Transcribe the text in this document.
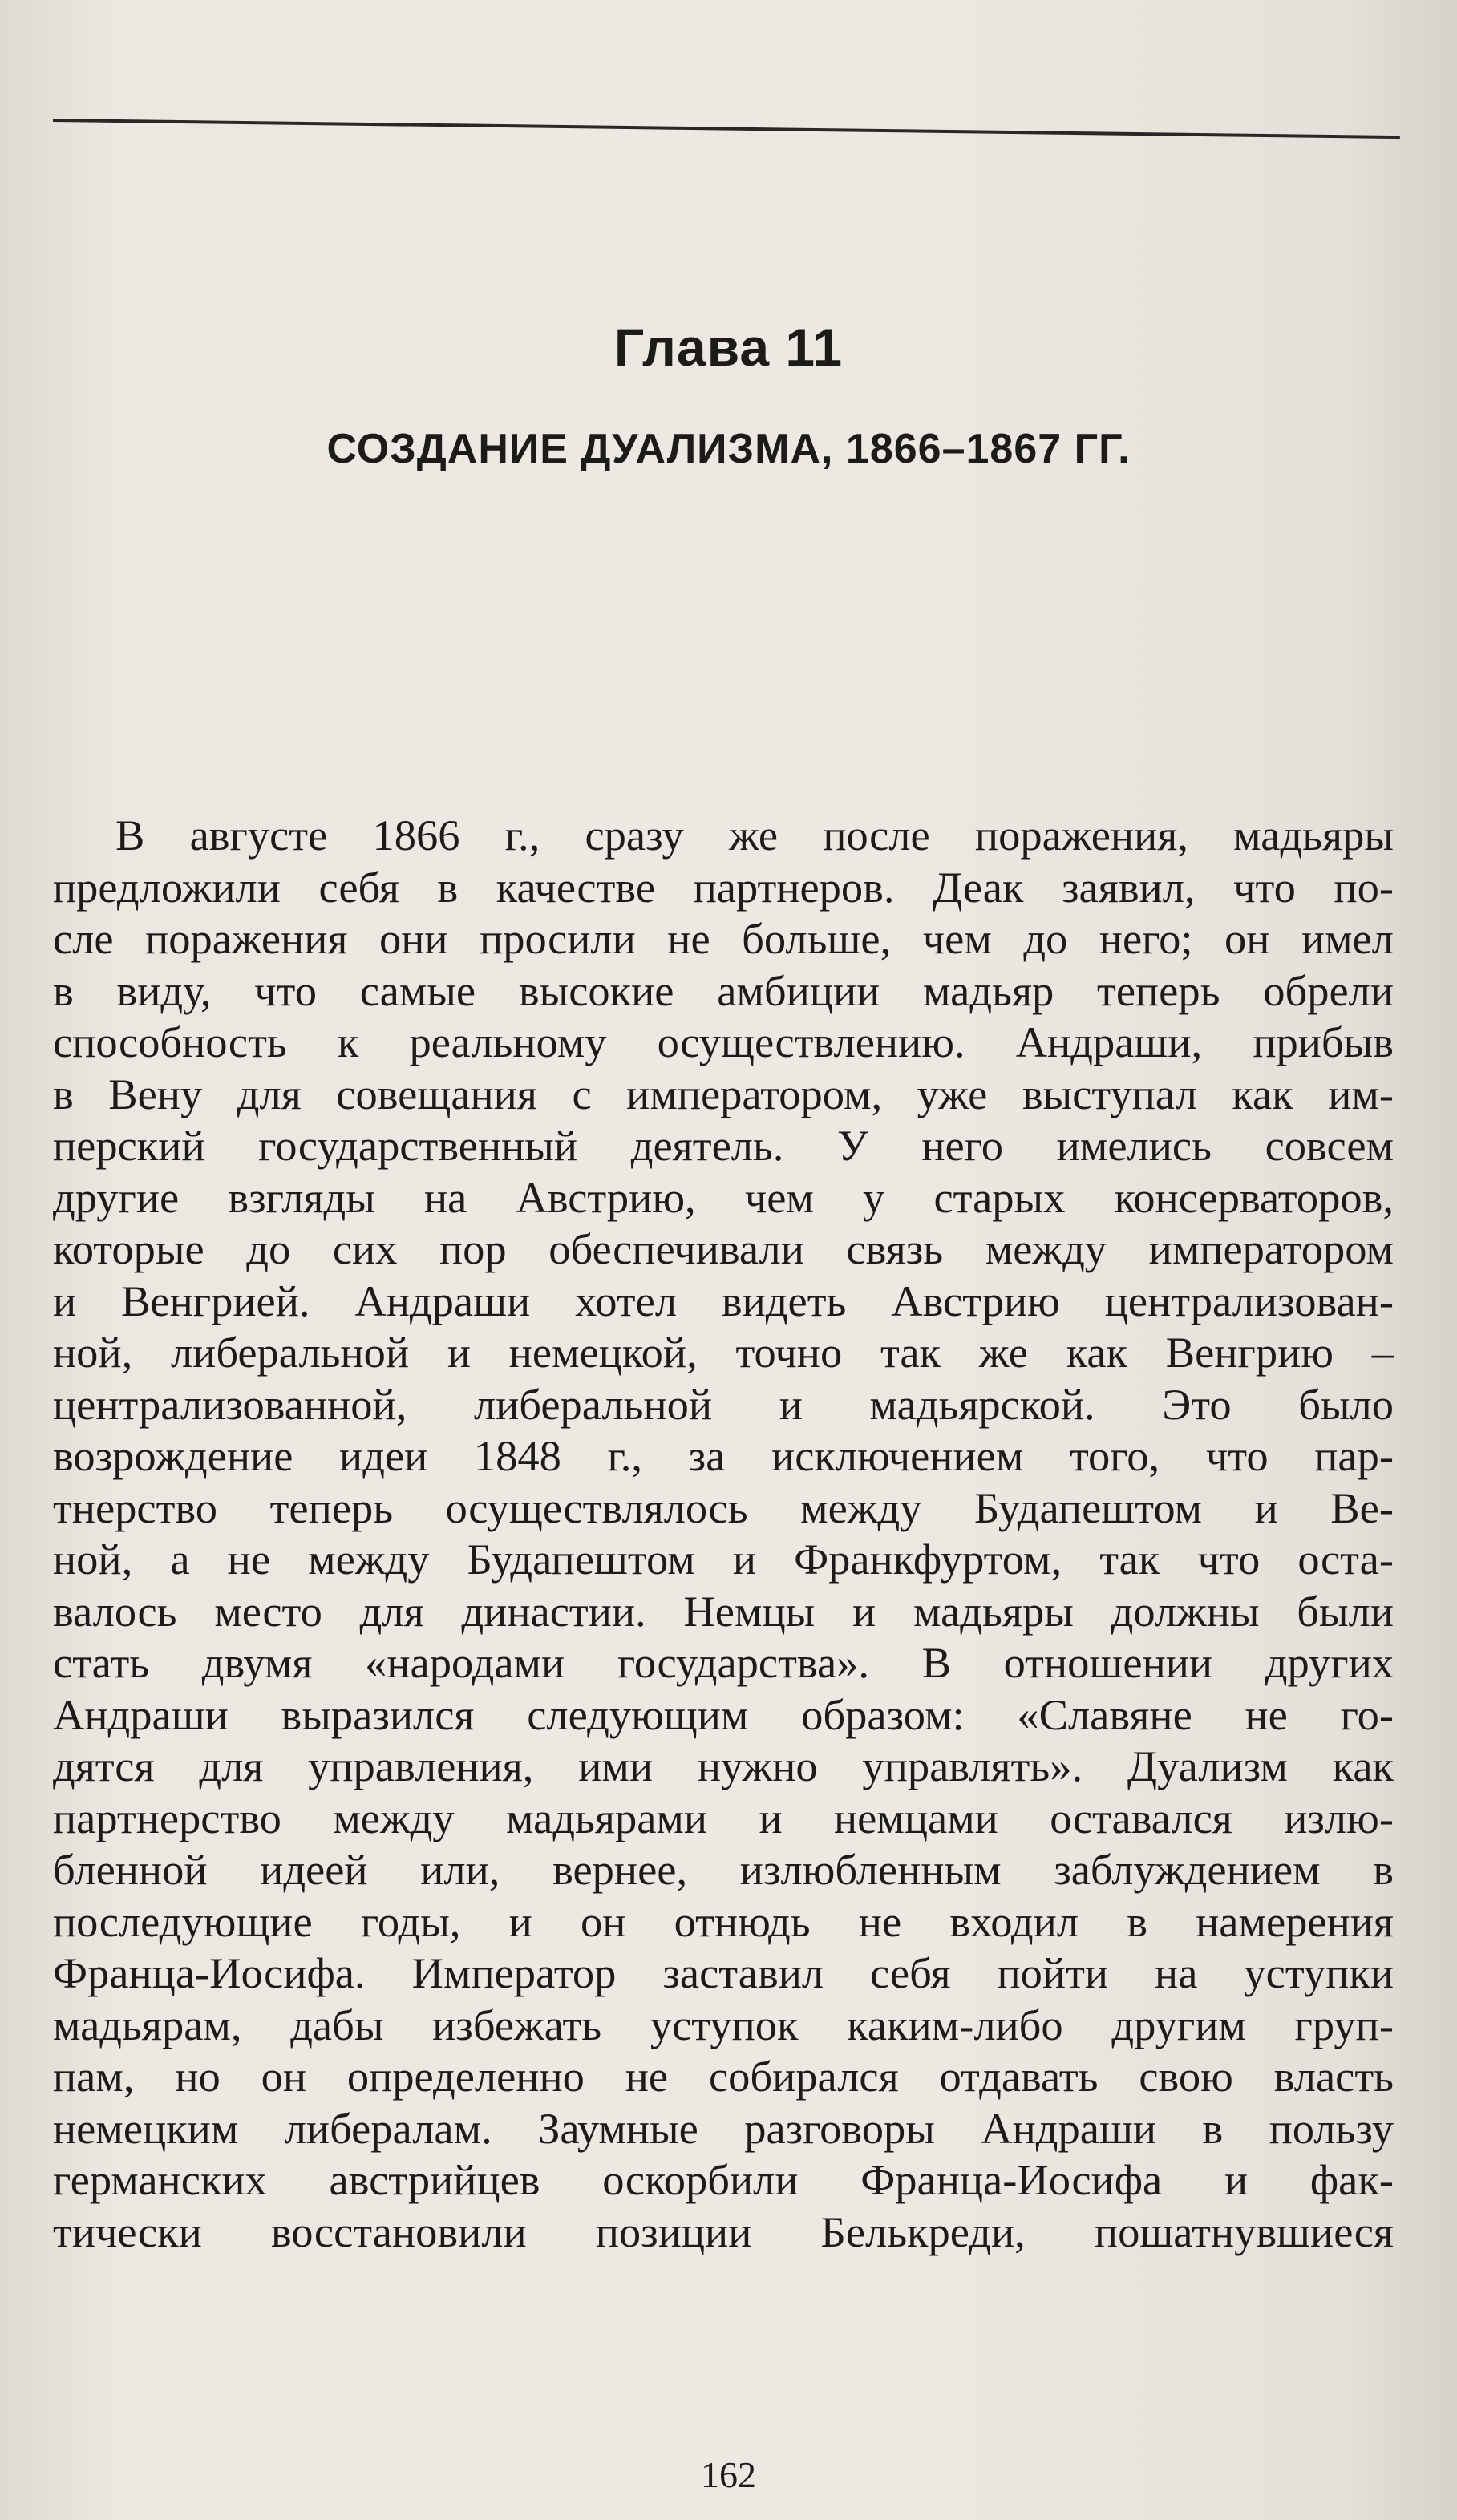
Глава 11
СОЗДАНИЕ ДУАЛИЗМА, 1866–1867 ГГ.
В августе 1866 г., сразу же после поражения, мадьяры
предложили себя в качестве партнеров. Деак заявил, что по-
сле поражения они просили не больше, чем до него; он имел
в виду, что самые высокие амбиции мадьяр теперь обрели
способность к реальному осуществлению. Андраши, прибыв
в Вену для совещания с императором, уже выступал как им-
перский государственный деятель. У него имелись совсем
другие взгляды на Австрию, чем у старых консерваторов,
которые до сих пор обеспечивали связь между императором
и Венгрией. Андраши хотел видеть Австрию централизован-
ной, либеральной и немецкой, точно так же как Венгрию –
централизованной, либеральной и мадьярской. Это было
возрождение идеи 1848 г., за исключением того, что пар-
тнерство теперь осуществлялось между Будапештом и Ве-
ной, а не между Будапештом и Франкфуртом, так что оста-
валось место для династии. Немцы и мадьяры должны были
стать двумя «народами государства». В отношении других
Андраши выразился следующим образом: «Славяне не го-
дятся для управления, ими нужно управлять». Дуализм как
партнерство между мадьярами и немцами оставался излю-
бленной идеей или, вернее, излюбленным заблуждением в
последующие годы, и он отнюдь не входил в намерения
Франца-Иосифа. Император заставил себя пойти на уступки
мадьярам, дабы избежать уступок каким-либо другим груп-
пам, но он определенно не собирался отдавать свою власть
немецким либералам. Заумные разговоры Андраши в пользу
германских австрийцев оскорбили Франца-Иосифа и фак-
тически восстановили позиции Белькреди, пошатнувшиеся
162
